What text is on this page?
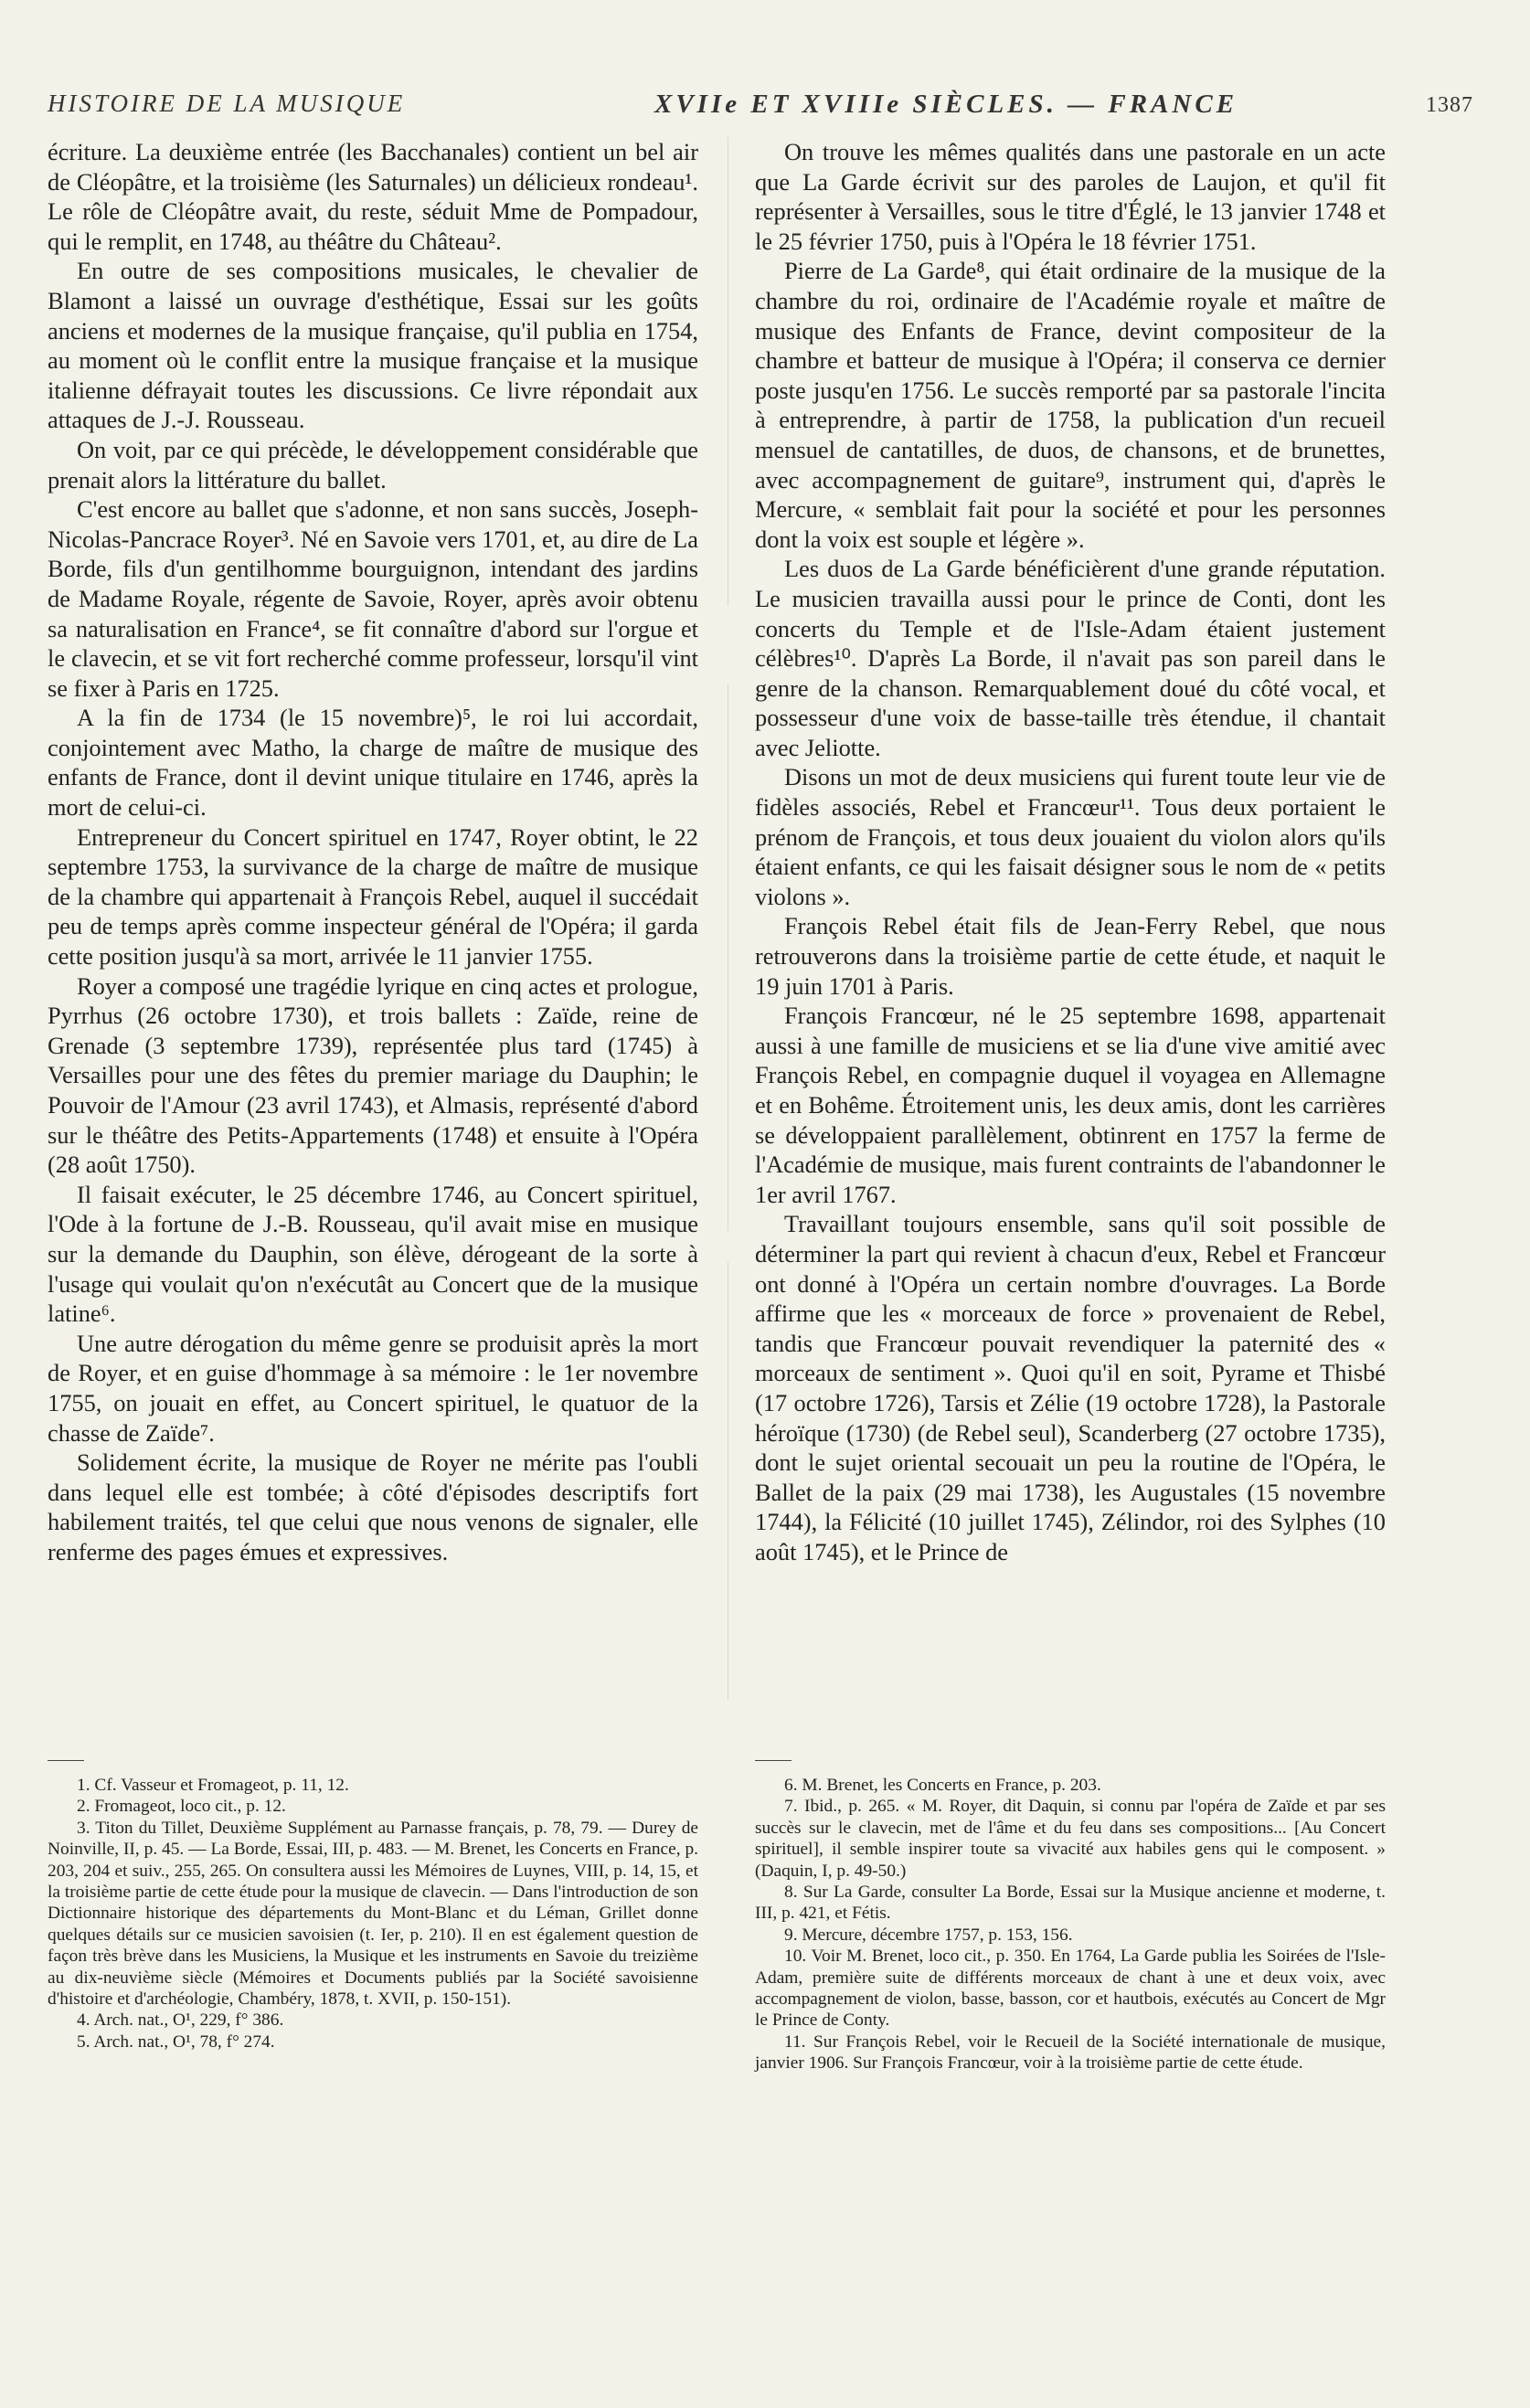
HISTOIRE DE LA MUSIQUE	XVIIe ET XVIIIe SIÈCLES. — FRANCE	1387

écriture. La deuxième entrée (les Bacchanales) contient un bel air de Cléopâtre, et la troisième (les Saturnales) un délicieux rondeau¹. Le rôle de Cléopâtre avait, du reste, séduit Mme de Pompadour, qui le remplit, en 1748, au théâtre du Château².

En outre de ses compositions musicales, le chevalier de Blamont a laissé un ouvrage d'esthétique, Essai sur les goûts anciens et modernes de la musique française, qu'il publia en 1754, au moment où le conflit entre la musique française et la musique italienne défrayait toutes les discussions. Ce livre répondait aux attaques de J.-J. Rousseau.

On voit, par ce qui précède, le développement considérable que prenait alors la littérature du ballet.

C'est encore au ballet que s'adonne, et non sans succès, Joseph-Nicolas-Pancrace Royer³. Né en Savoie vers 1701, et, au dire de La Borde, fils d'un gentilhomme bourguignon, intendant des jardins de Madame Royale, régente de Savoie, Royer, après avoir obtenu sa naturalisation en France⁴, se fit connaître d'abord sur l'orgue et le clavecin, et se vit fort recherché comme professeur, lorsqu'il vint se fixer à Paris en 1725.

A la fin de 1734 (le 15 novembre)⁵, le roi lui accordait, conjointement avec Matho, la charge de maître de musique des enfants de France, dont il devint unique titulaire en 1746, après la mort de celui-ci.

Entrepreneur du Concert spirituel en 1747, Royer obtint, le 22 septembre 1753, la survivance de la charge de maître de musique de la chambre qui appartenait à François Rebel, auquel il succédait peu de temps après comme inspecteur général de l'Opéra; il garda cette position jusqu'à sa mort, arrivée le 11 janvier 1755.

Royer a composé une tragédie lyrique en cinq actes et prologue, Pyrrhus (26 octobre 1730), et trois ballets : Zaïde, reine de Grenade (3 septembre 1739), représentée plus tard (1745) à Versailles pour une des fêtes du premier mariage du Dauphin; le Pouvoir de l'Amour (23 avril 1743), et Almasis, représenté d'abord sur le théâtre des Petits-Appartements (1748) et ensuite à l'Opéra (28 août 1750).

Il faisait exécuter, le 25 décembre 1746, au Concert spirituel, l'Ode à la fortune de J.-B. Rousseau, qu'il avait mise en musique sur la demande du Dauphin, son élève, dérogeant de la sorte à l'usage qui voulait qu'on n'exécutât au Concert que de la musique latine⁶.

Une autre dérogation du même genre se produisit après la mort de Royer, et en guise d'hommage à sa mémoire : le 1er novembre 1755, on jouait en effet, au Concert spirituel, le quatuor de la chasse de Zaïde⁷.

Solidement écrite, la musique de Royer ne mérite pas l'oubli dans lequel elle est tombée; à côté d'épisodes descriptifs fort habilement traités, tel que celui que nous venons de signaler, elle renferme des pages émues et expressives.

On trouve les mêmes qualités dans une pastorale en un acte que La Garde écrivit sur des paroles de Laujon, et qu'il fit représenter à Versailles, sous le titre d'Églé, le 13 janvier 1748 et le 25 février 1750, puis à l'Opéra le 18 février 1751.

Pierre de La Garde⁸, qui était ordinaire de la musique de la chambre du roi, ordinaire de l'Académie royale et maître de musique des Enfants de France, devint compositeur de la chambre et batteur de musique à l'Opéra; il conserva ce dernier poste jusqu'en 1756. Le succès remporté par sa pastorale l'incita à entreprendre, à partir de 1758, la publication d'un recueil mensuel de cantatilles, de duos, de chansons, et de brunettes, avec accompagnement de guitare⁹, instrument qui, d'après le Mercure, « semblait fait pour la société et pour les personnes dont la voix est souple et légère ».

Les duos de La Garde bénéficièrent d'une grande réputation. Le musicien travailla aussi pour le prince de Conti, dont les concerts du Temple et de l'Isle-Adam étaient justement célèbres¹⁰. D'après La Borde, il n'avait pas son pareil dans le genre de la chanson. Remarquablement doué du côté vocal, et possesseur d'une voix de basse-taille très étendue, il chantait avec Jeliotte.

Disons un mot de deux musiciens qui furent toute leur vie de fidèles associés, Rebel et Francœur¹¹. Tous deux portaient le prénom de François, et tous deux jouaient du violon alors qu'ils étaient enfants, ce qui les faisait désigner sous le nom de « petits violons ».

François Rebel était fils de Jean-Ferry Rebel, que nous retrouverons dans la troisième partie de cette étude, et naquit le 19 juin 1701 à Paris.

François Francœur, né le 25 septembre 1698, appartenait aussi à une famille de musiciens et se lia d'une vive amitié avec François Rebel, en compagnie duquel il voyagea en Allemagne et en Bohême. Étroitement unis, les deux amis, dont les carrières se développaient parallèlement, obtinrent en 1757 la ferme de l'Académie de musique, mais furent contraints de l'abandonner le 1er avril 1767.

Travaillant toujours ensemble, sans qu'il soit possible de déterminer la part qui revient à chacun d'eux, Rebel et Francœur ont donné à l'Opéra un certain nombre d'ouvrages. La Borde affirme que les « morceaux de force » provenaient de Rebel, tandis que Francœur pouvait revendiquer la paternité des « morceaux de sentiment ». Quoi qu'il en soit, Pyrame et Thisbé (17 octobre 1726), Tarsis et Zélie (19 octobre 1728), la Pastorale héroïque (1730) (de Rebel seul), Scanderberg (27 octobre 1735), dont le sujet oriental secouait un peu la routine de l'Opéra, le Ballet de la paix (29 mai 1738), les Augustales (15 novembre 1744), la Félicité (10 juillet 1745), Zélindor, roi des Sylphes (10 août 1745), et le Prince de

1. Cf. Vasseur et Fromageot, p. 11, 12.

2. Fromageot, loco cit., p. 12.

3. Titon du Tillet, Deuxième Supplément au Parnasse français, p. 78, 79. — Durey de Noinville, II, p. 45. — La Borde, Essai, III, p. 483. — M. Brenet, les Concerts en France, p. 203, 204 et suiv., 255, 265. On consultera aussi les Mémoires de Luynes, VIII, p. 14, 15, et la troisième partie de cette étude pour la musique de clavecin. — Dans l'introduction de son Dictionnaire historique des départements du Mont-Blanc et du Léman, Grillet donne quelques détails sur ce musicien savoisien (t. Ier, p. 210). Il en est également question de façon très brève dans les Musiciens, la Musique et les instruments en Savoie du treizième au dix-neuvième siècle (Mémoires et Documents publiés par la Société savoisienne d'histoire et d'archéologie, Chambéry, 1878, t. XVII, p. 150-151).

4. Arch. nat., O¹, 229, f° 386.

5. Arch. nat., O¹, 78, f° 274.

6. M. Brenet, les Concerts en France, p. 203.

7. Ibid., p. 265. « M. Royer, dit Daquin, si connu par l'opéra de Zaïde et par ses succès sur le clavecin, met de l'âme et du feu dans ses compositions... [Au Concert spirituel], il semble inspirer toute sa vivacité aux habiles gens qui le composent. » (Daquin, I, p. 49-50.)

8. Sur La Garde, consulter La Borde, Essai sur la Musique ancienne et moderne, t. III, p. 421, et Fétis.

9. Mercure, décembre 1757, p. 153, 156.

10. Voir M. Brenet, loco cit., p. 350. En 1764, La Garde publia les Soirées de l'Isle-Adam, première suite de différents morceaux de chant à une et deux voix, avec accompagnement de violon, basse, basson, cor et hautbois, exécutés au Concert de Mgr le Prince de Conty.

11. Sur François Rebel, voir le Recueil de la Société internationale de musique, janvier 1906. Sur François Francœur, voir à la troisième partie de cette étude.
